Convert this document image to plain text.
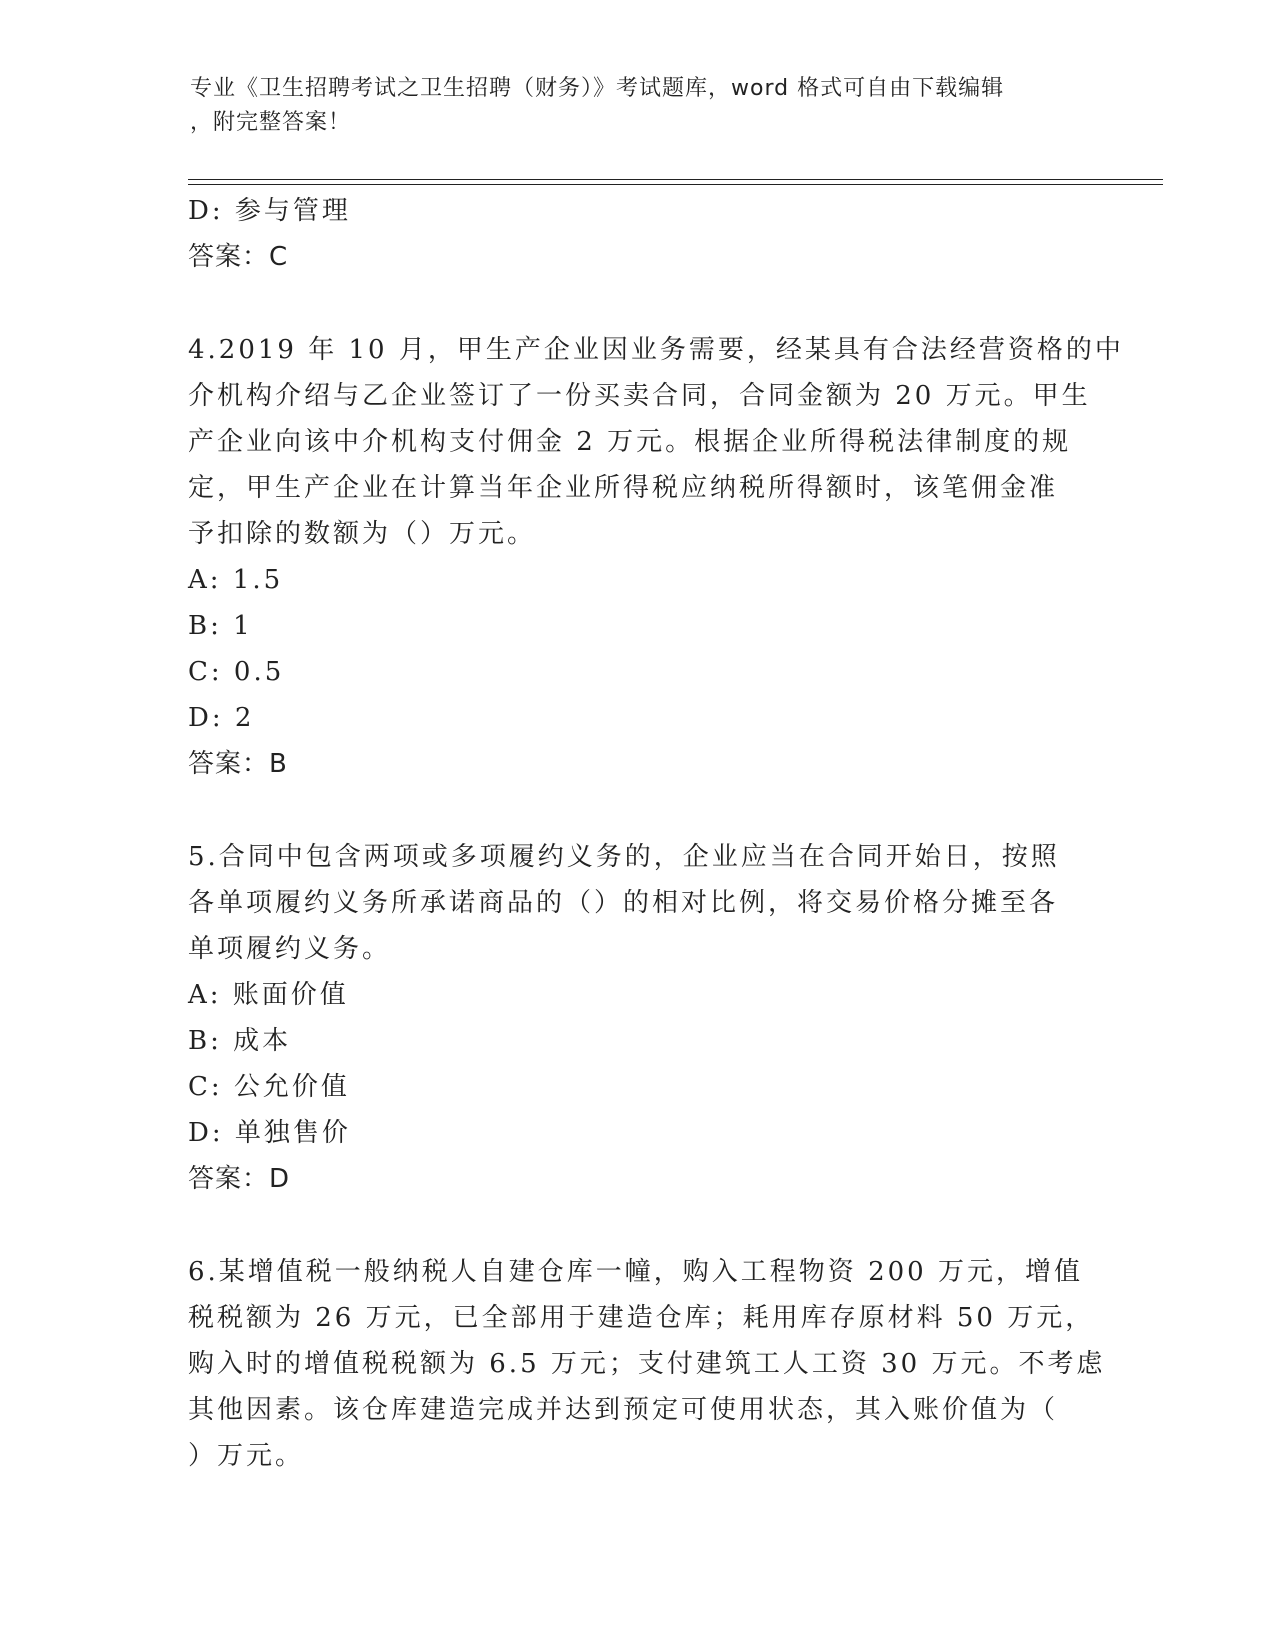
专业《卫生招聘考试之卫生招聘（财务）》考试题库，word 格式可自由下载编辑
，附完整答案！
D: 参与管理
答案：C
4.2019 年 10 月，甲生产企业因业务需要，经某具有合法经营资格的中
介机构介绍与乙企业签订了一份买卖合同，合同金额为 20 万元。甲生
产企业向该中介机构支付佣金 2 万元。根据企业所得税法律制度的规
定，甲生产企业在计算当年企业所得税应纳税所得额时，该笔佣金准
予扣除的数额为（）万元。
A: 1.5
B: 1
C: 0.5
D: 2
答案：B
5.合同中包含两项或多项履约义务的，企业应当在合同开始日，按照
各单项履约义务所承诺商品的（）的相对比例，将交易价格分摊至各
单项履约义务。
A: 账面价值
B: 成本
C: 公允价值
D: 单独售价
答案：D
6.某增值税一般纳税人自建仓库一幢，购入工程物资 200 万元，增值
税税额为 26 万元，已全部用于建造仓库；耗用库存原材料 50 万元，
购入时的增值税税额为 6.5 万元；支付建筑工人工资 30 万元。不考虑
其他因素。该仓库建造完成并达到预定可使用状态，其入账价值为（
）万元。
